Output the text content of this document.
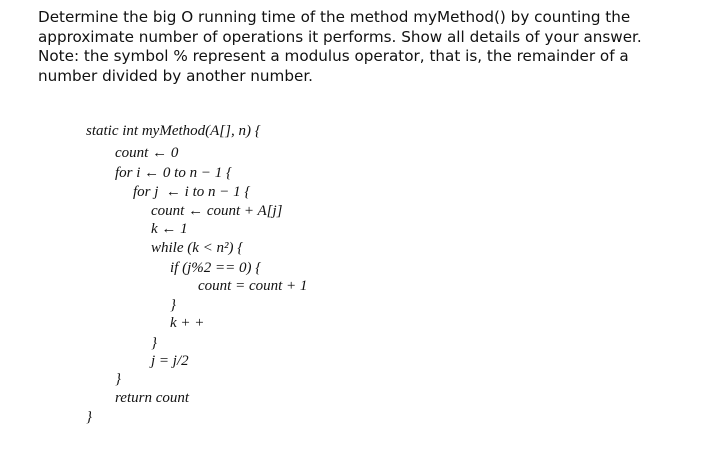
Determine the big O running time of the method myMethod() by counting the
approximate number of operations it performs. Show all details of your answer.
Note: the symbol % represent a modulus operator, that is, the remainder of a
number divided by another number.
static int myMethod(A[], n) {
count ← 0
for i ← 0 to n − 1 {
for j  ← i to n − 1 {
count ← count + A[j]
k ← 1
while (k < n²) {
if (j%2 == 0) {
count = count + 1
}
k + +
}
j = j/2
}
return count
}
